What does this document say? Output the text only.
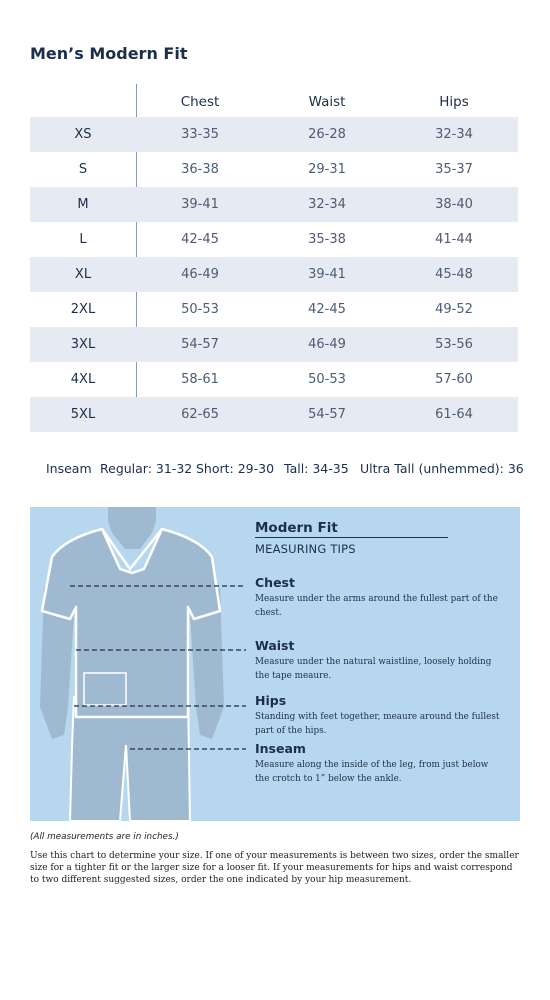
Men’s Modern Fit
Chest	Waist	Hips
XS	33-35	26-28	32-34
S	36-38	29-31	35-37
M	39-41	32-34	38-40
L	42-45	35-38	41-44
XL	46-49	39-41	45-48
2XL	50-53	42-45	49-52
3XL	54-57	46-49	53-56
4XL	58-61	50-53	57-60
5XL	62-65	54-57	61-64
Inseam Regular: 31-32 Short: 29-30 Tall: 34-35 Ultra Tall (unhemmed): 36
Modern Fit
MEASURING TIPS
Chest
Measure under the arms around the fullest part of the chest.
Waist
Measure under the natural waistline, loosely holding the tape meaure.
Hips
Standing with feet together, meaure around the fullest part of the hips.
Inseam
Measure along the inside of the leg, from just below the crotch to 1” below the ankle.
(All measurements are in inches.)
Use this chart to determine your size. If one of your measurements is between two sizes, order the smaller size for a tighter fit or the larger size for a looser fit. If your measurements for hips and waist correspond to two different suggested sizes, order the one indicated by your hip measurement.
